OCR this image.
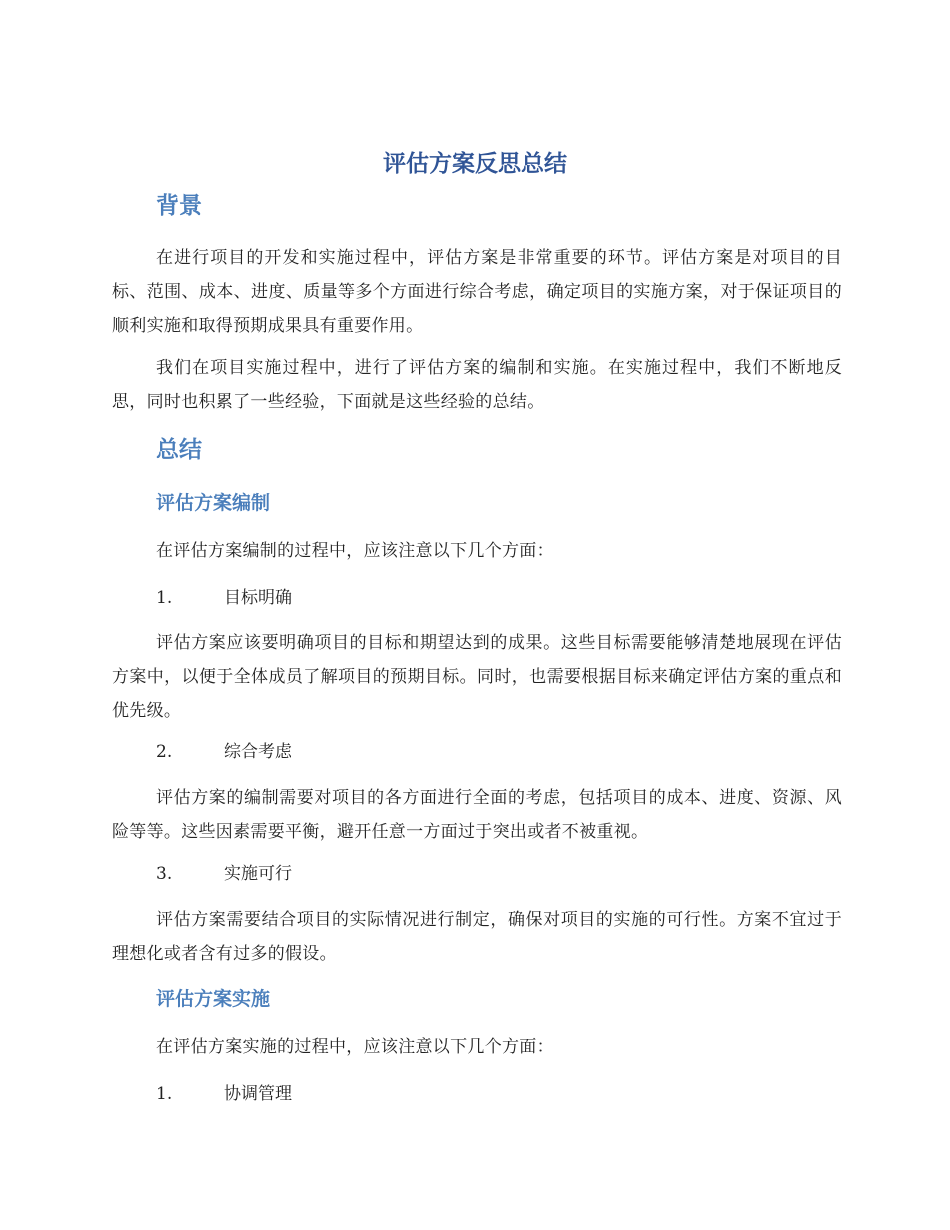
评估方案反思总结
背景

在进行项目的开发和实施过程中，评估方案是非常重要的环节。评估方案是对项目的目标、范围、成本、进度、质量等多个方面进行综合考虑，确定项目的实施方案，对于保证项目的顺利实施和取得预期成果具有重要作用。

我们在项目实施过程中，进行了评估方案的编制和实施。在实施过程中，我们不断地反思，同时也积累了一些经验，下面就是这些经验的总结。

总结
评估方案编制

在评估方案编制的过程中，应该注意以下几个方面：

1.	目标明确

评估方案应该要明确项目的目标和期望达到的成果。这些目标需要能够清楚地展现在评估方案中，以便于全体成员了解项目的预期目标。同时，也需要根据目标来确定评估方案的重点和优先级。

2.	综合考虑

评估方案的编制需要对项目的各方面进行全面的考虑，包括项目的成本、进度、资源、风险等等。这些因素需要平衡，避开任意一方面过于突出或者不被重视。

3.	实施可行

评估方案需要结合项目的实际情况进行制定，确保对项目的实施的可行性。方案不宜过于理想化或者含有过多的假设。

评估方案实施

在评估方案实施的过程中，应该注意以下几个方面：

1.	协调管理
